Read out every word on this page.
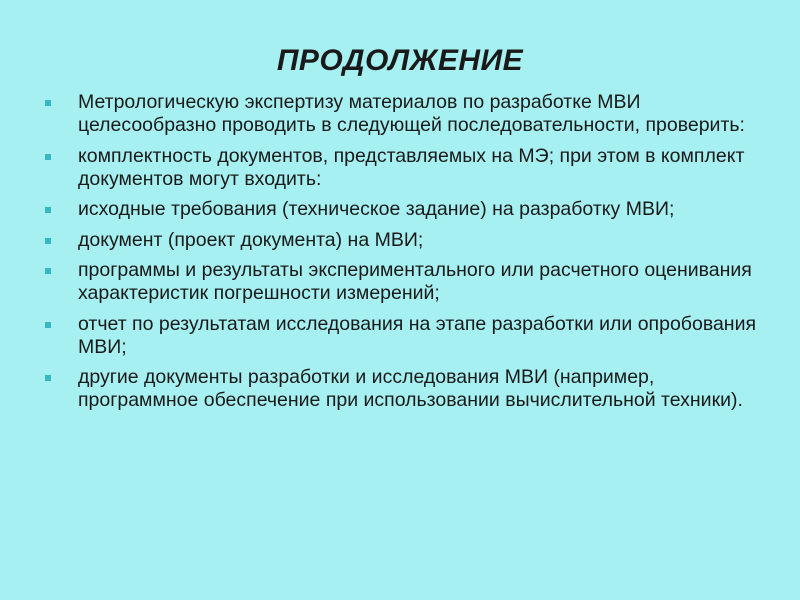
ПРОДОЛЖЕНИЕ
Метрологическую экспертизу материалов по разработке МВИ целесообразно проводить в следующей последовательности, проверить:
комплектность документов, представляемых на МЭ; при этом в комплект документов могут входить:
исходные требования (техническое задание) на разработку МВИ;
документ (проект документа) на МВИ;
программы и результаты экспериментального или расчетного оценивания характеристик погрешности измерений;
отчет по результатам исследования на этапе разработки или опробования МВИ;
другие документы разработки и исследования МВИ (например, программное обеспечение при использовании вычислительной техники).
